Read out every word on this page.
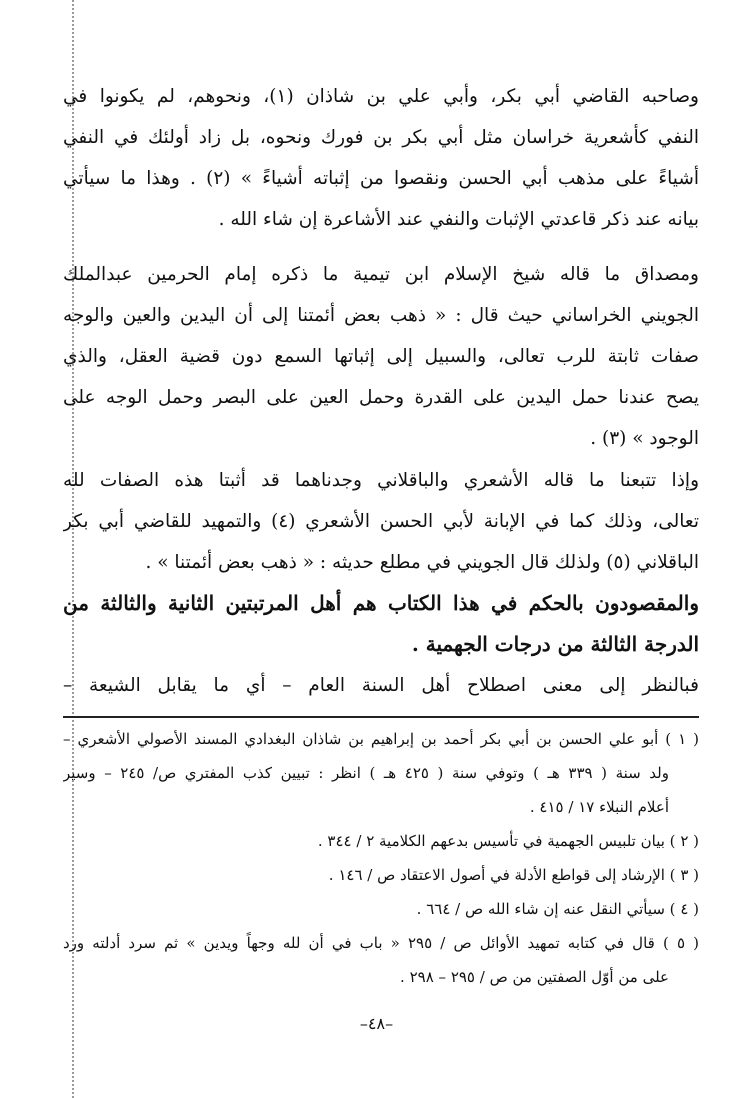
وصاحبه القاضي أبي بكر، وأبي علي بن شاذان (١)، ونحوهم، لم يكونوا في
النفي كأشعرية خراسان مثل أبي بكر بن فورك ونحوه، بل زاد أولئك في النفي
أشياءً على مذهب أبي الحسن ونقصوا من إثباته أشياءً » (٢) . وهذا ما سيأتي
بيانه عند ذكر قاعدتي الإثبات والنفي عند الأشاعرة إن شاء الله .
ومصداق ما قاله شيخ الإسلام ابن تيمية ما ذكره إمام الحرمين عبدالملك
الجويني الخراساني حيث قال : « ذهب بعض أئمتنا إلى أن اليدين والعين والوجه
صفات ثابتة للرب تعالى، والسبيل إلى إثباتها السمع دون قضية العقل، والذي
يصح عندنا حمل اليدين على القدرة وحمل العين على البصر وحمل الوجه على
الوجود » (٣) .
وإذا تتبعنا ما قاله الأشعري والباقلاني وجدناهما قد أثبتا هذه الصفات لله
تعالى، وذلك كما في الإبانة لأبي الحسن الأشعري (٤) والتمهيد للقاضي أبي بكر
الباقلاني (٥) ولذلك قال الجويني في مطلع حديثه : « ذهب بعض أئمتنا » .
والمقصودون بالحكم في هذا الكتاب هم أهل المرتبتين الثانية والثالثة من
الدرجة الثالثة من درجات الجهمية .
فبالنظر إلى معنى اصطلاح أهل السنة العام – أي ما يقابل الشيعة –
( ١ ) أبو علي الحسن بن أبي بكر أحمد بن إبراهيم بن شاذان البغدادي المسند الأصولي الأشعري –
ولد سنة ( ٣٣٩ هـ ) وتوفي سنة ( ٤٢٥ هـ ) انظر : تبيين كذب المفتري ص/ ٢٤٥ – وسير
أعلام النبلاء ١٧ / ٤١٥ .
( ٢ ) بيان تلبيس الجهمية في تأسيس بدعهم الكلامية ٢ / ٣٤٤ .
( ٣ ) الإرشاد إلى قواطع الأدلة في أصول الاعتقاد ص / ١٤٦ .
( ٤ ) سيأتي النقل عنه إن شاء الله ص / ٦٦٤ .
( ٥ ) قال في كتابه تمهيد الأوائل ص / ٢٩٥ « باب في أن لله وجهاً ويدين » ثم سرد أدلته ورد
على من أوّل الصفتين من ص / ٢٩٥ – ٢٩٨ .
–٤٨–
